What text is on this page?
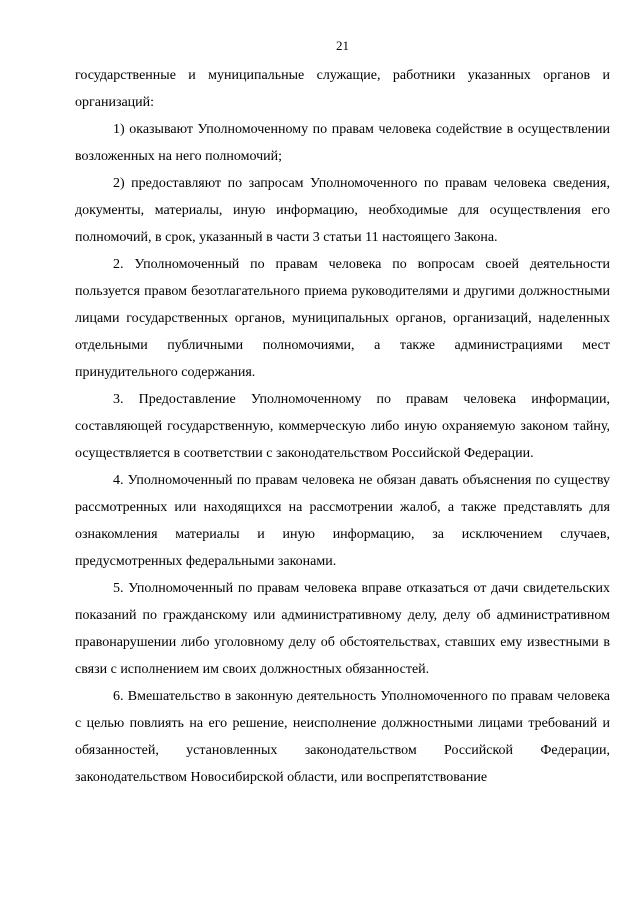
21

государственные и муниципальные служащие, работники указанных органов и организаций:

1) оказывают Уполномоченному по правам человека содействие в осуществлении возложенных на него полномочий;

2) предоставляют по запросам Уполномоченного по правам человека сведения, документы, материалы, иную информацию, необходимые для осуществления его полномочий, в срок, указанный в части 3 статьи 11 настоящего Закона.

2. Уполномоченный по правам человека по вопросам своей деятельности пользуется правом безотлагательного приема руководителями и другими должностными лицами государственных органов, муниципальных органов, организаций, наделенных отдельными публичными полномочиями, а также администрациями мест принудительного содержания.

3. Предоставление Уполномоченному по правам человека информации, составляющей государственную, коммерческую либо иную охраняемую законом тайну, осуществляется в соответствии с законодательством Российской Федерации.

4. Уполномоченный по правам человека не обязан давать объяснения по существу рассмотренных или находящихся на рассмотрении жалоб, а также представлять для ознакомления материалы и иную информацию, за исключением случаев, предусмотренных федеральными законами.

5. Уполномоченный по правам человека вправе отказаться от дачи свидетельских показаний по гражданскому или административному делу, делу об административном правонарушении либо уголовному делу об обстоятельствах, ставших ему известными в связи с исполнением им своих должностных обязанностей.

6. Вмешательство в законную деятельность Уполномоченного по правам человека с целью повлиять на его решение, неисполнение должностными лицами требований и обязанностей, установленных законодательством Российской Федерации, законодательством Новосибирской области, или воспрепятствование
